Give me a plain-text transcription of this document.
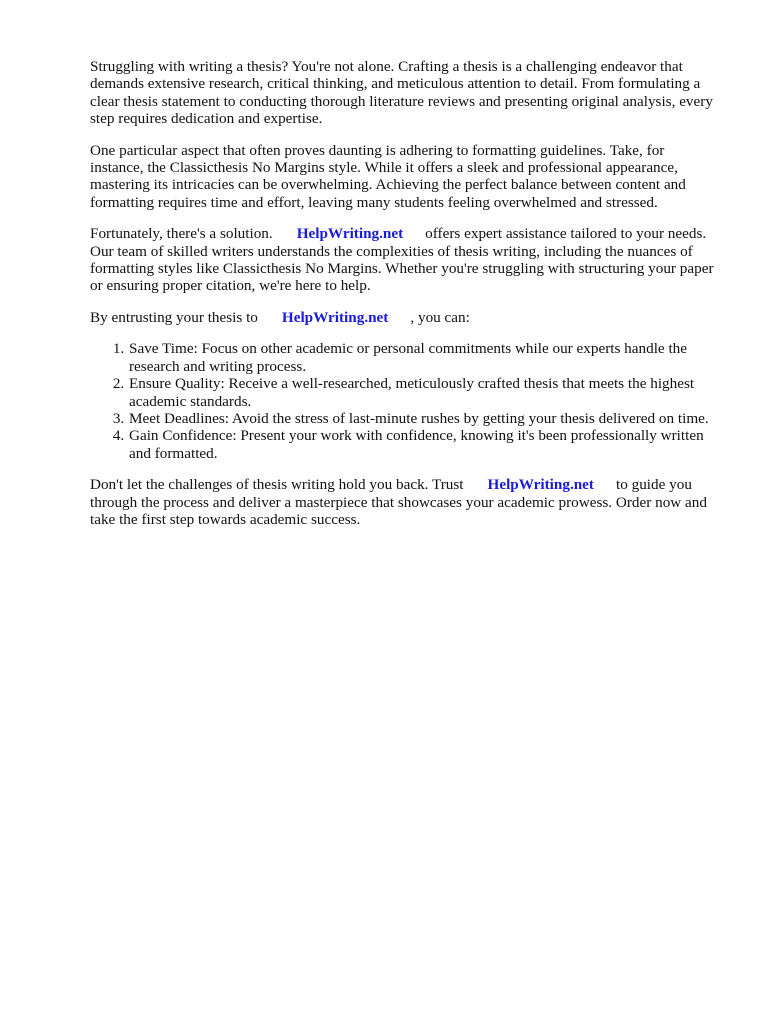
Struggling with writing a thesis? You're not alone. Crafting a thesis is a challenging endeavor that demands extensive research, critical thinking, and meticulous attention to detail. From formulating a clear thesis statement to conducting thorough literature reviews and presenting original analysis, every step requires dedication and expertise.

One particular aspect that often proves daunting is adhering to formatting guidelines. Take, for instance, the Classicthesis No Margins style. While it offers a sleek and professional appearance, mastering its intricacies can be overwhelming. Achieving the perfect balance between content and formatting requires time and effort, leaving many students feeling overwhelmed and stressed.

Fortunately, there's a solution. HelpWriting.net offers expert assistance tailored to your needs. Our team of skilled writers understands the complexities of thesis writing, including the nuances of formatting styles like Classicthesis No Margins. Whether you're struggling with structuring your paper or ensuring proper citation, we're here to help.

By entrusting your thesis to HelpWriting.net , you can:

1. Save Time: Focus on other academic or personal commitments while our experts handle the research and writing process.
2. Ensure Quality: Receive a well-researched, meticulously crafted thesis that meets the highest academic standards.
3. Meet Deadlines: Avoid the stress of last-minute rushes by getting your thesis delivered on time.
4. Gain Confidence: Present your work with confidence, knowing it's been professionally written and formatted.

Don't let the challenges of thesis writing hold you back. Trust HelpWriting.net to guide you through the process and deliver a masterpiece that showcases your academic prowess. Order now and take the first step towards academic success.
